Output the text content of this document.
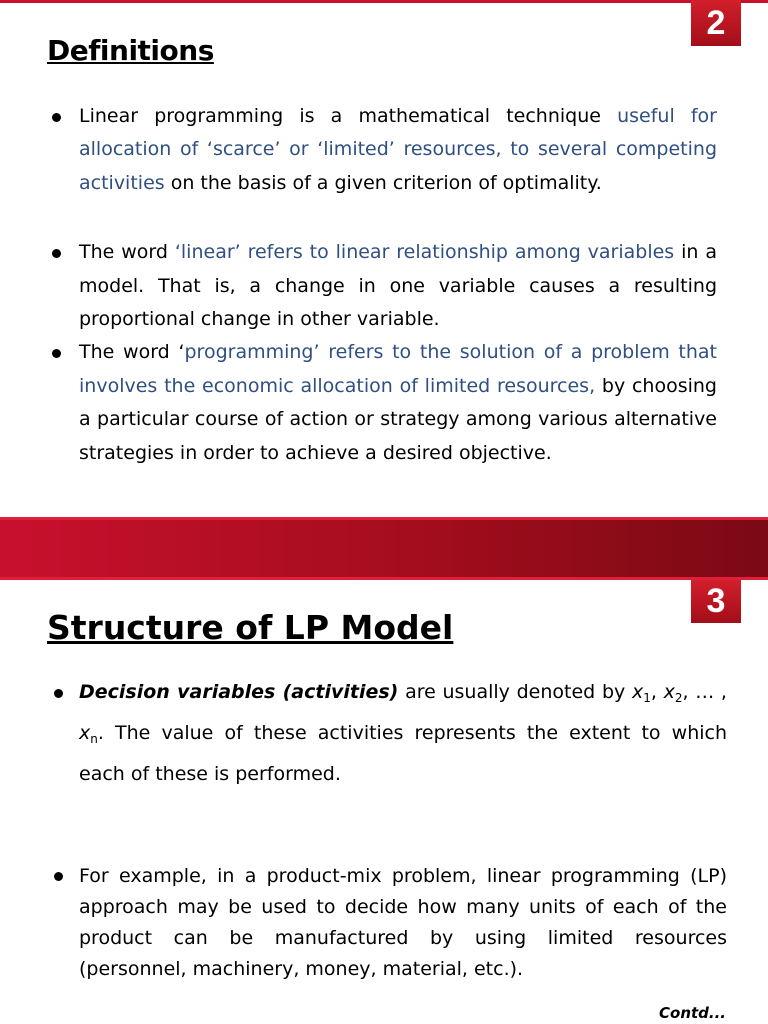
2
Definitions
Linear programming is a mathematical technique useful for allocation of ‘scarce’ or ‘limited’ resources, to several competing activities on the basis of a given criterion of optimality.
The word ‘linear’ refers to linear relationship among variables in a model. That is, a change in one variable causes a resulting proportional change in other variable.
The word ‘programming’ refers to the solution of a problem that involves the economic allocation of limited resources, by choosing a particular course of action or strategy among various alternative strategies in order to achieve a desired objective.
3
Structure of LP Model
Decision variables (activities) are usually denoted by $x_1$, $x_2$, … , $x_n$. The value of these activities represents the extent to which each of these is performed.
For example, in a product-mix problem, linear programming (LP) approach may be used to decide how many units of each of the product can be manufactured by using limited resources (personnel, machinery, money, material, etc.).
Contd...
